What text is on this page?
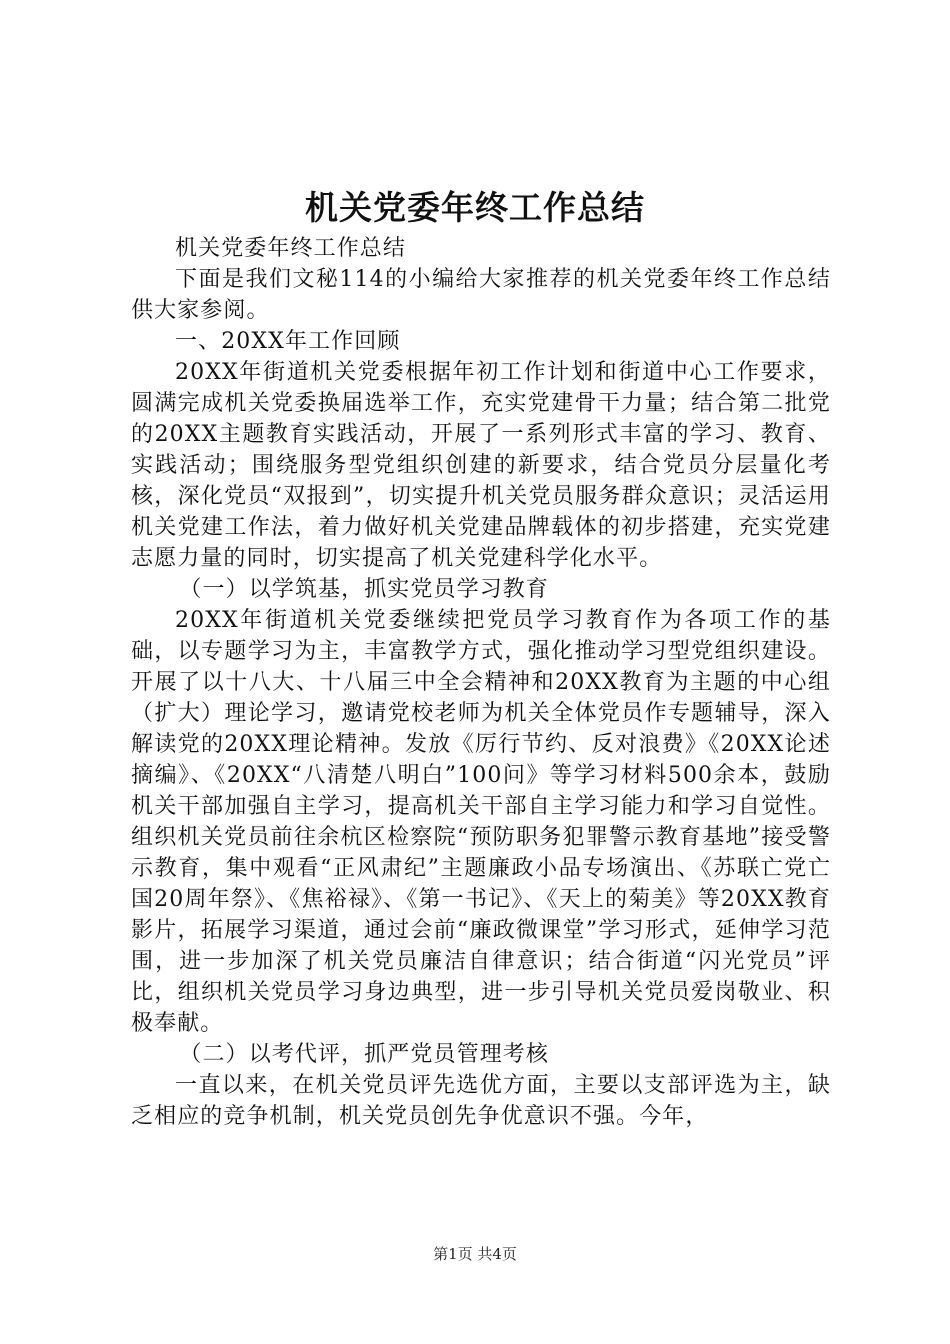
机关党委年终工作总结

机关党委年终工作总结

下面是我们文秘114的小编给大家推荐的机关党委年终工作总结供大家参阅。

一、20XX年工作回顾

20XX年街道机关党委根据年初工作计划和街道中心工作要求，圆满完成机关党委换届选举工作，充实党建骨干力量；结合第二批党的20XX主题教育实践活动，开展了一系列形式丰富的学习、教育、实践活动；围绕服务型党组织创建的新要求，结合党员分层量化考核，深化党员“双报到”，切实提升机关党员服务群众意识；灵活运用机关党建工作法，着力做好机关党建品牌载体的初步搭建，充实党建志愿力量的同时，切实提高了机关党建科学化水平。

（一）以学筑基，抓实党员学习教育

20XX年街道机关党委继续把党员学习教育作为各项工作的基础，以专题学习为主，丰富教学方式，强化推动学习型党组织建设。开展了以十八大、十八届三中全会精神和20XX教育为主题的中心组（扩大）理论学习，邀请党校老师为机关全体党员作专题辅导，深入解读党的20XX理论精神。发放《厉行节约、反对浪费》《20XX论述摘编》、《20XX“八清楚八明白”100问》等学习材料500余本，鼓励机关干部加强自主学习，提高机关干部自主学习能力和学习自觉性。组织机关党员前往余杭区检察院“预防职务犯罪警示教育基地”接受警示教育，集中观看“正风肃纪”主题廉政小品专场演出、《苏联亡党亡国20周年祭》、《焦裕禄》、《第一书记》、《天上的菊美》等20XX教育影片，拓展学习渠道，通过会前“廉政微课堂”学习形式，延伸学习范围，进一步加深了机关党员廉洁自律意识；结合街道“闪光党员”评比，组织机关党员学习身边典型，进一步引导机关党员爱岗敬业、积极奉献。

（二）以考代评，抓严党员管理考核

一直以来，在机关党员评先选优方面，主要以支部评选为主，缺乏相应的竞争机制，机关党员创先争优意识不强。今年，

第1页 共4页
